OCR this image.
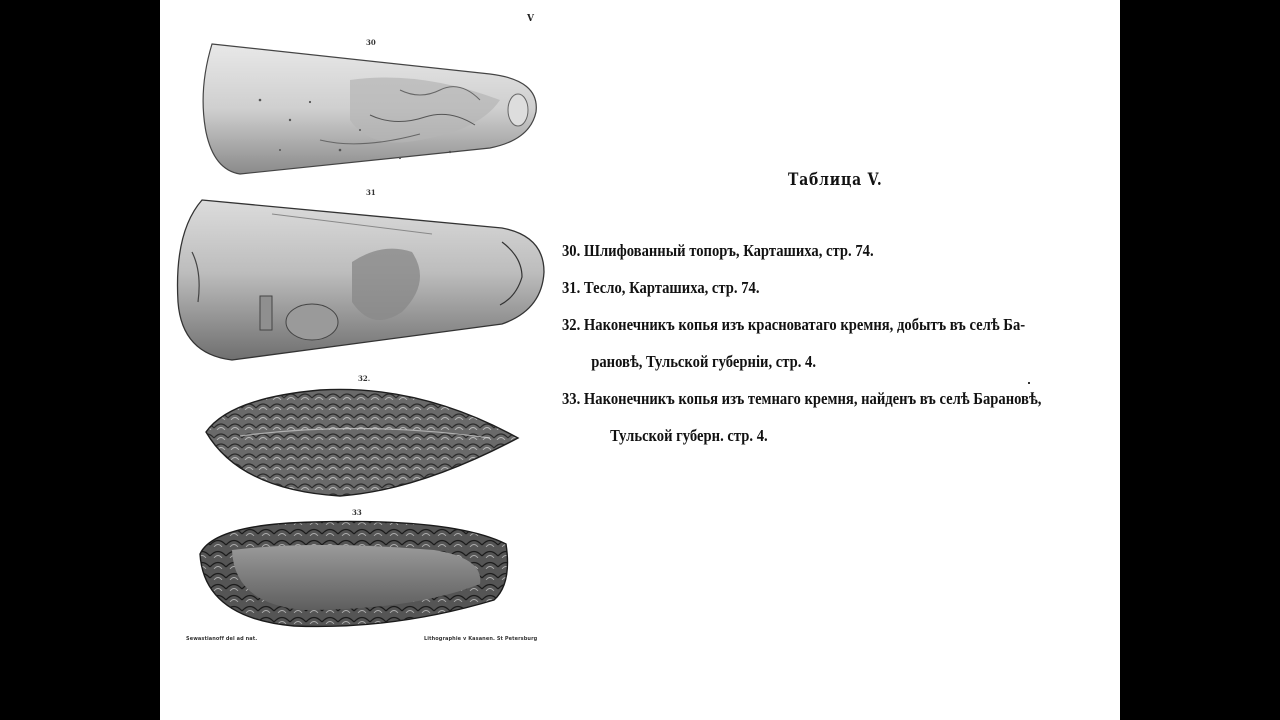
V
30
31
32.
33
Sewastianoff del ad nat.	Lithographie v Kasanen. St Petersburg
Таблица V.
30. Шлифованный топоръ, Карташиха, стр. 74.
31. Тесло, Карташиха, стр. 74.
32. Наконечникъ копья изъ красноватаго кремня, добытъ въ селѣ Ба-
рановѣ, Тульской губерніи, стр. 4.
33. Наконечникъ копья изъ темнаго кремня, найденъ въ селѣ Барановѣ,
Тульской губерн. стр. 4.
